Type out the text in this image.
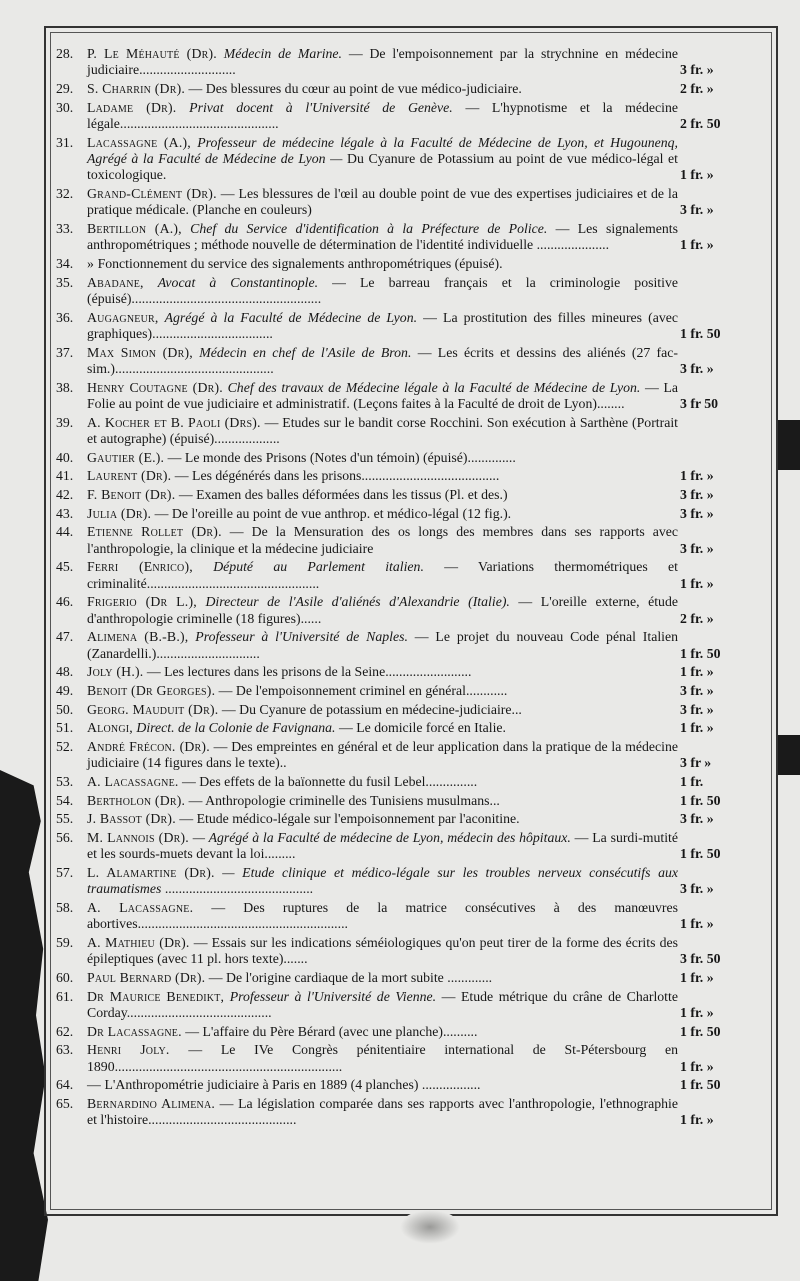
28. P. Le Méhauté (Dr). Médecin de Marine. — De l'empoisonnement par la strychnine en médecine judiciaire............................	3 fr. »
29. S. Charrin (Dr). — Des blessures du cœur au point de vue médico-judiciaire.	2 fr. »
30. Ladame (Dr). Privat docent à l'Université de Genève. — L'hypnotisme et la médecine légale..............................................	2 fr. 50
31. Lacassagne (A.), Professeur de médecine légale à la Faculté de Médecine de Lyon, et Hugounenq, Agrégé à la Faculté de Médecine de Lyon — Du Cyanure de Potassium au point de vue médico-légal et toxicologique.	1 fr. »
32. Grand-Clément (Dr). — Les blessures de l'œil au double point de vue des expertises judiciaires et de la pratique médicale. (Planche en couleurs)	3 fr. »
33. Bertillon (A.), Chef du Service d'identification à la Préfecture de Police. — Les signalements anthropométriques ; méthode nouvelle de détermination de l'identité individuelle .....................	1 fr. »
34. » Fonctionnement du service des signalements anthropométriques (épuisé).
35. Abadane, Avocat à Constantinople. — Le barreau français et la criminologie positive (épuisé).......................................................
36. Augagneur, Agrégé à la Faculté de Médecine de Lyon. — La prostitution des filles mineures (avec graphiques)...................................	1 fr. 50
37. Max Simon (Dr), Médecin en chef de l'Asile de Bron. — Les écrits et dessins des aliénés (27 fac-sim.)..............................................	3 fr. »
38. Henry Coutagne (Dr). Chef des travaux de Médecine légale à la Faculté de Médecine de Lyon. — La Folie au point de vue judiciaire et administratif. (Leçons faites à la Faculté de droit de Lyon)........	3 fr 50
39. A. Kocher et B. Paoli (Drs). — Etudes sur le bandit corse Rocchini. Son exécution à Sarthène (Portrait et autographe) (épuisé)...................
40. Gautier (E.). — Le monde des Prisons (Notes d'un témoin) (épuisé)..............
41. Laurent (Dr). — Les dégénérés dans les prisons........................................	1 fr. »
42. F. Benoit (Dr). — Examen des balles déformées dans les tissus (Pl. et des.)	3 fr. »
43. Julia (Dr). — De l'oreille au point de vue anthrop. et médico-légal (12 fig.).	3 fr. »
44. Etienne Rollet (Dr). — De la Mensuration des os longs des membres dans ses rapports avec l'anthropologie, la clinique et la médecine judiciaire	3 fr. »
45. Ferri (Enrico), Député au Parlement italien. — Variations thermométriques et criminalité..................................................	1 fr. »
46. Frigerio (Dr L.), Directeur de l'Asile d'aliénés d'Alexandrie (Italie). — L'oreille externe, étude d'anthropologie criminelle (18 figures)......	2 fr. »
47. Alimena (B.-B.), Professeur à l'Université de Naples. — Le projet du nouveau Code pénal Italien (Zanardelli.)..............................	1 fr. 50
48. Joly (H.). — Les lectures dans les prisons de la Seine.........................	1 fr. »
49. Benoit (Dr Georges). — De l'empoisonnement criminel en général............	3 fr. »
50. Georg. Mauduit (Dr). — Du Cyanure de potassium en médecine-judiciaire...	3 fr. »
51. Alongi, Direct. de la Colonie de Favignana. — Le domicile forcé en Italie.	1 fr. »
52. André Frécon. (Dr). — Des empreintes en général et de leur application dans la pratique de la médecine judiciaire (14 figures dans le texte)..	3 fr »
53. A. Lacassagne. — Des effets de la baïonnette du fusil Lebel...............	1 fr.
54. Bertholon (Dr). — Anthropologie criminelle des Tunisiens musulmans...	1 fr. 50
55. J. Bassot (Dr). — Etude médico-légale sur l'empoisonnement par l'aconitine.	3 fr. »
56. M. Lannois (Dr). — Agrégé à la Faculté de médecine de Lyon, médecin des hôpitaux. — La surdi-mutité et les sourds-muets devant la loi.........	1 fr. 50
57. L. Alamartine (Dr). — Etude clinique et médico-légale sur les troubles nerveux consécutifs aux traumatismes ...........................................	3 fr. »
58. A. Lacassagne. — Des ruptures de la matrice consécutives à des manœuvres abortives.............................................................	1 fr. »
59. A. Mathieu (Dr). — Essais sur les indications séméiologiques qu'on peut tirer de la forme des écrits des épileptiques (avec 11 pl. hors texte).......	3 fr. 50
60. Paul Bernard (Dr). — De l'origine cardiaque de la mort subite .............	1 fr. »
61. Dr Maurice Benedikt, Professeur à l'Université de Vienne. — Etude métrique du crâne de Charlotte Corday..........................................	1 fr. »
62. Dr Lacassagne. — L'affaire du Père Bérard (avec une planche)..........	1 fr. 50
63. Henri Joly. — Le IVe Congrès pénitentiaire international de St-Pétersbourg en 1890..................................................................	1 fr. »
64. — L'Anthropométrie judiciaire à Paris en 1889 (4 planches) .................	1 fr. 50
65. Bernardino Alimena. — La législation comparée dans ses rapports avec l'anthropologie, l'ethnographie et l'histoire...........................................	1 fr. »
